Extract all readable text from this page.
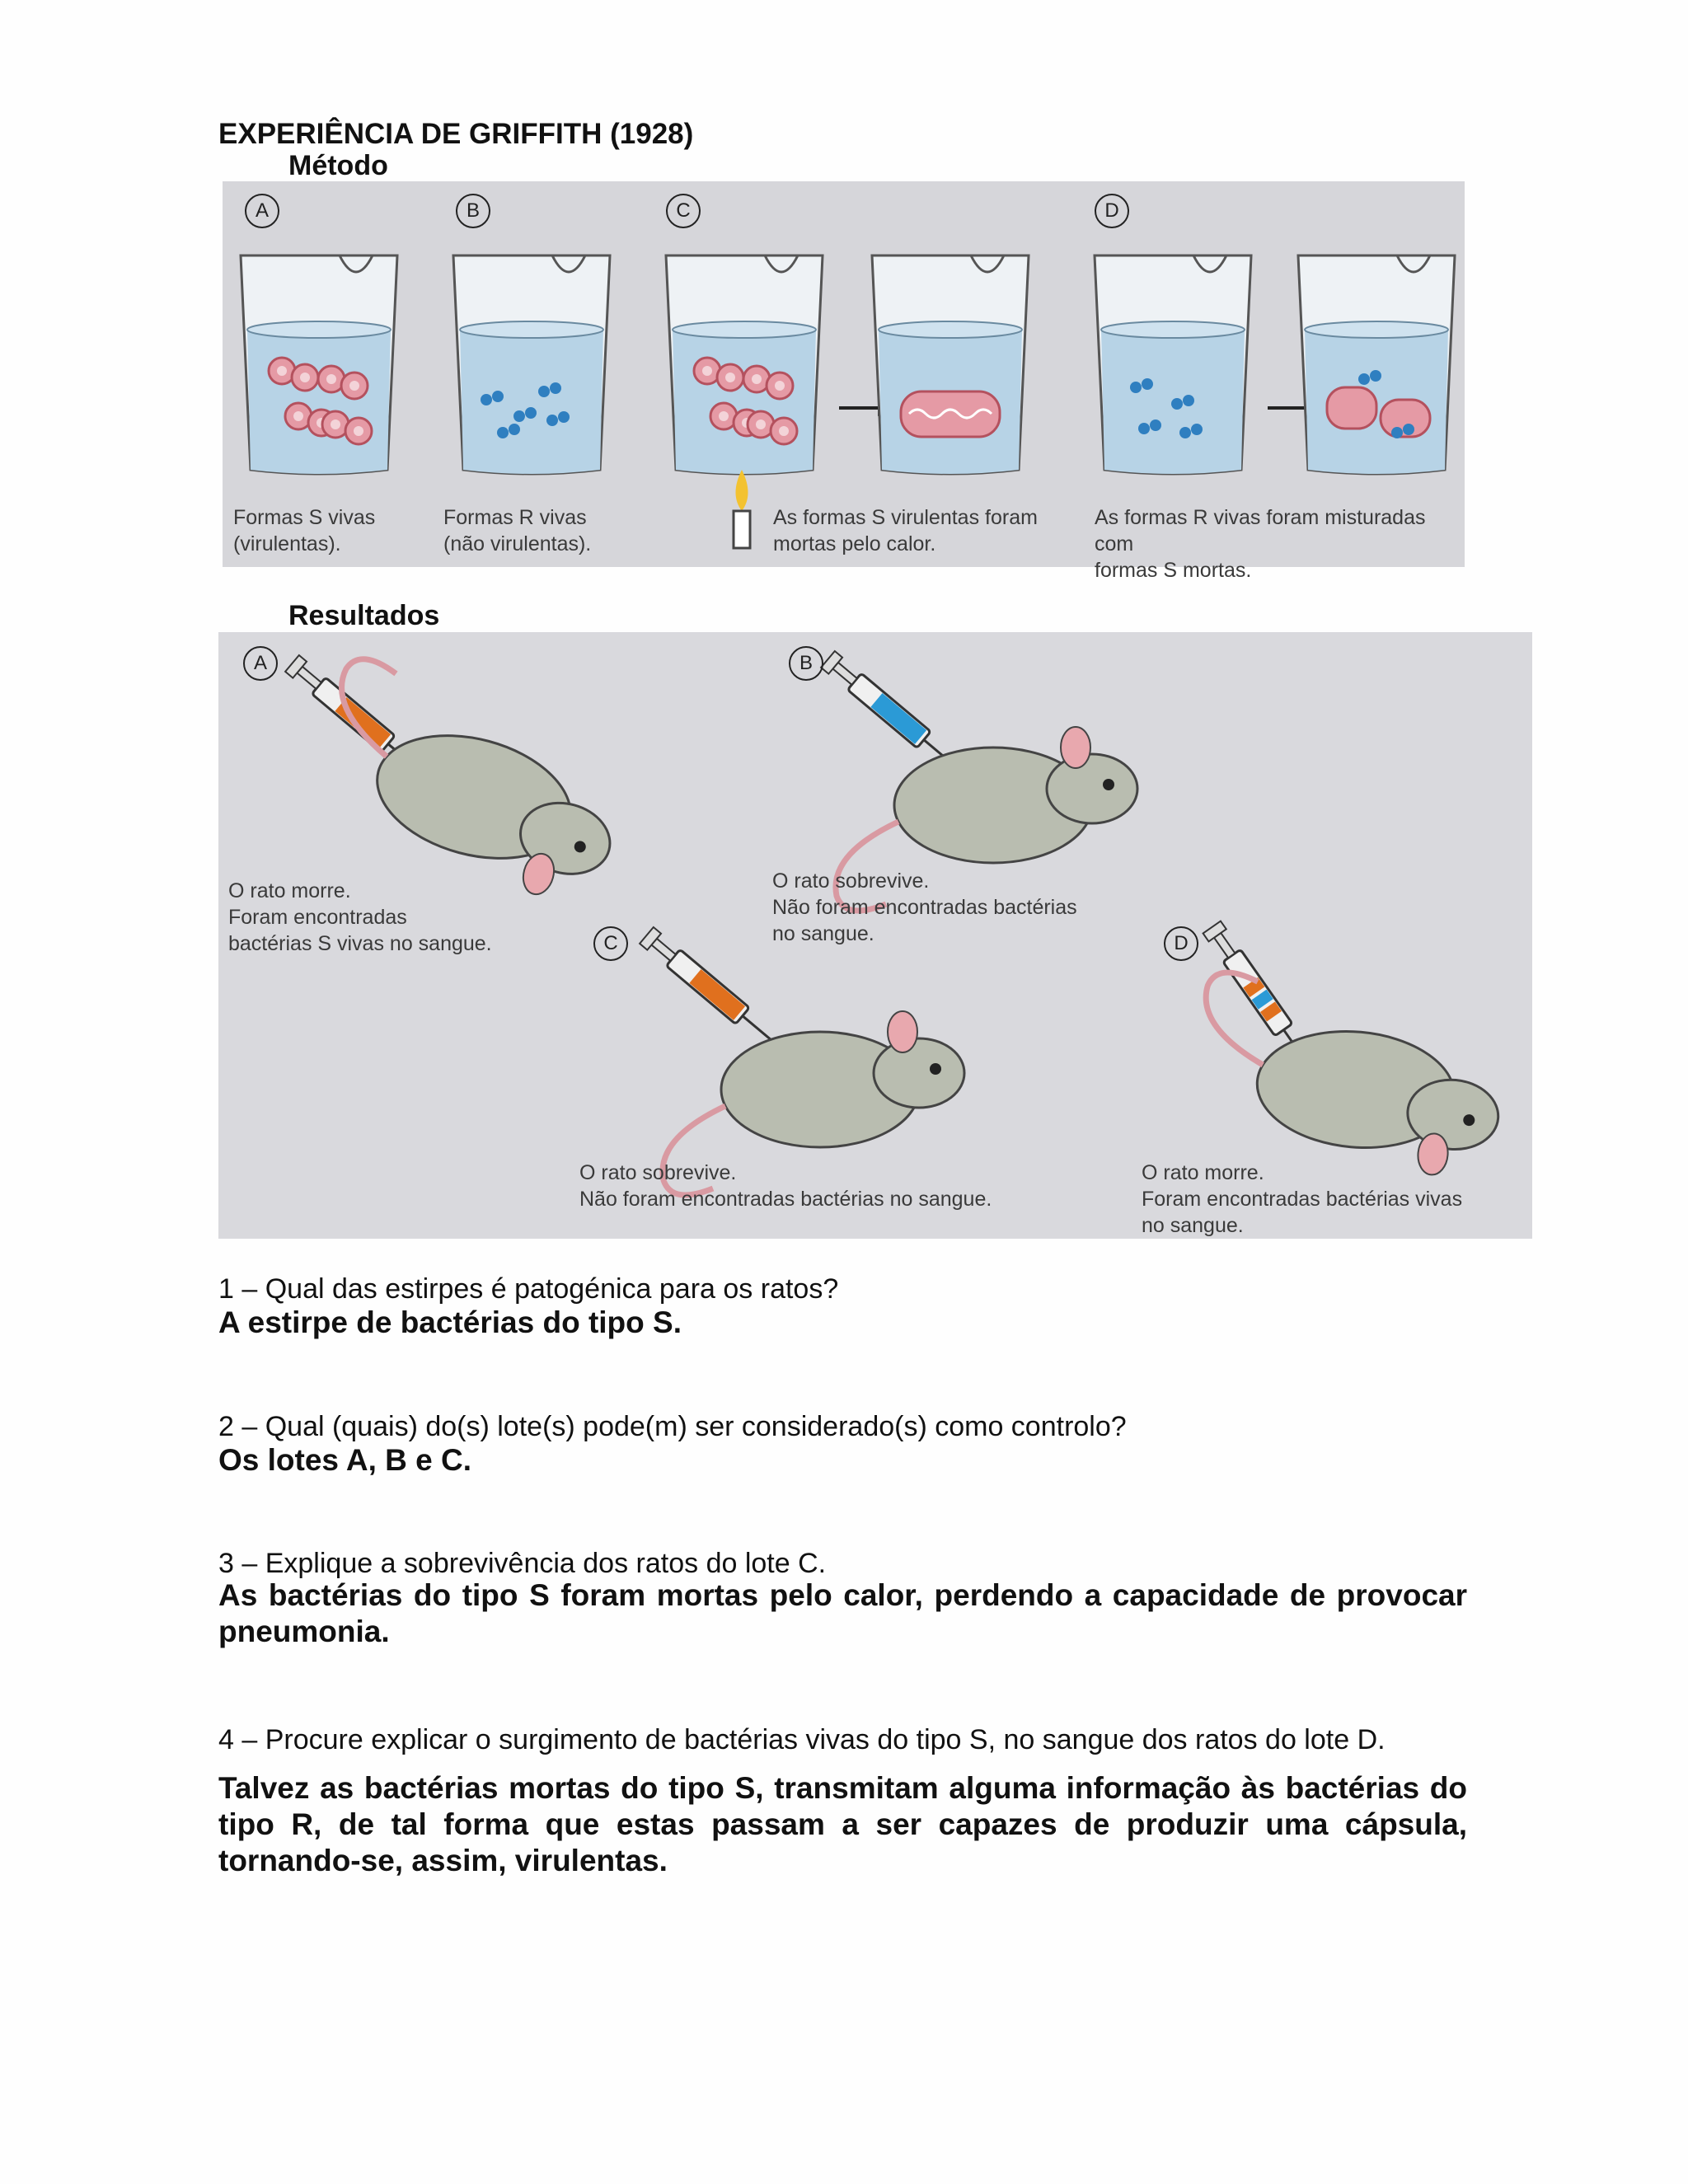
EXPERIÊNCIA DE GRIFFITH (1928)
Método
A	B	C	D
Formas S vivas
(virulentas).
Formas R vivas
(não virulentas).
As formas S virulentas foram
mortas pelo calor.
As formas R vivas foram misturadas com
formas S mortas.
Resultados
A	B
C	D
O rato morre.
Foram encontradas
bactérias S vivas no sangue.
O rato sobrevive.
Não foram encontradas bactérias
no sangue.
O rato sobrevive.
Não foram encontradas bactérias no sangue.
O rato morre.
Foram encontradas bactérias vivas
no sangue.
1 – Qual das estirpes é patogénica para os ratos?
A estirpe de bactérias do tipo S.
2 – Qual (quais) do(s) lote(s) pode(m) ser considerado(s) como controlo?
Os lotes A, B e C.
3 – Explique a sobrevivência dos ratos do lote C.
As bactérias do tipo S foram mortas pelo calor, perdendo a capacidade de provocar pneumonia.
4 – Procure explicar o surgimento de bactérias vivas do tipo S, no sangue dos ratos do lote D.
Talvez as bactérias mortas do tipo S, transmitam alguma informação às bactérias do tipo R, de tal forma que estas passam a ser capazes de produzir uma cápsula, tornando-se, assim, virulentas.
